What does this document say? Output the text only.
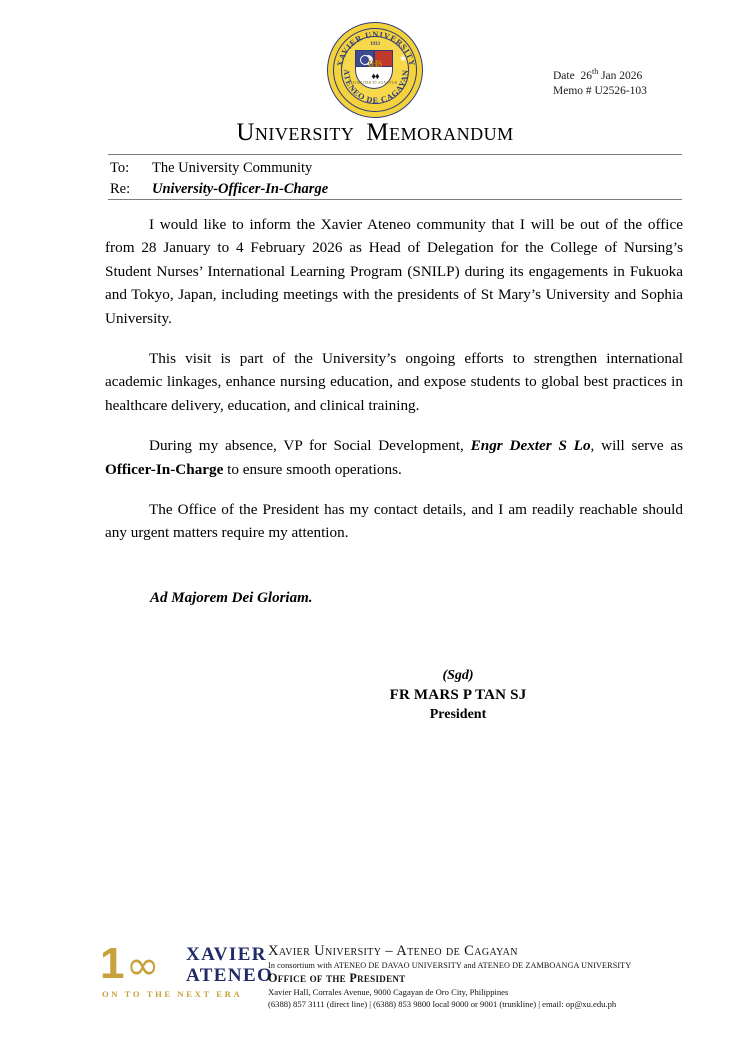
XAVIER UNIVERSITY
ATENEO DE CAGAYAN
1933
❀
IHS
♦♦
FORTITER ET SUAVITER
Date 26th Jan 2026
Memo # U2526-103
University Memorandum
To: The University Community
Re: University-Officer-In-Charge

I would like to inform the Xavier Ateneo community that I will be out of the office from 28 January to 4 February 2026 as Head of Delegation for the College of Nursing’s Student Nurses’ International Learning Program (SNILP) during its engagements in Fukuoka and Tokyo, Japan, including meetings with the presidents of St Mary’s University and Sophia University.

This visit is part of the University’s ongoing efforts to strengthen international academic linkages, enhance nursing education, and expose students to global best practices in healthcare delivery, education, and clinical training.

During my absence, VP for Social Development, Engr Dexter S Lo, will serve as Officer-In-Charge to ensure smooth operations.

The Office of the President has my contact details, and I am readily reachable should any urgent matters require my attention.

Ad Majorem Dei Gloriam.
(Sgd)
FR MARS P TAN SJ
President
1 ∞ XAVIER
ATENEO
ON TO THE NEXT ERA
Xavier University – Ateneo de Cagayan
In consortium with ATENEO DE DAVAO UNIVERSITY and ATENEO DE ZAMBOANGA UNIVERSITY
Office of the President
Xavier Hall, Corrales Avenue, 9000 Cagayan de Oro City, Philippines
(6388) 857 3111 (direct line) | (6388) 853 9800 local 9000 or 9001 (trunkline) | email: op@xu.edu.ph
